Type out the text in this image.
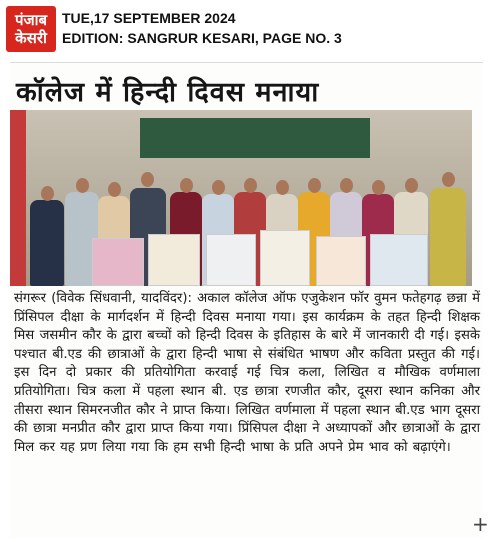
पंजाब
केसरी
TUE,17 SEPTEMBER 2024
EDITION: SANGRUR KESARI, PAGE NO. 3
कॉलेज में हिन्दी दिवस मनाया
संगरूर (विवेक सिंधवानी, यादविंदर): अकाल कॉलेज ऑफ एजुकेशन फॉर वुमन फतेहगढ़ छन्ना में प्रिंसिपल दीक्षा के मार्गदर्शन में हिन्दी दिवस मनाया गया। इस कार्यक्रम के तहत हिन्दी शिक्षक मिस जसमीन कौर के द्वारा बच्चों को हिन्दी दिवस के इतिहास के बारे में जानकारी दी गई। इसके पश्चात बी.एड की छात्राओं के द्वारा हिन्दी भाषा से संबंधित भाषण और कविता प्रस्तुत की गई। इस दिन दो प्रकार की प्रतियोगिता करवाई गई चित्र कला, लिखित व मौखिक वर्णमाला प्रतियोगिता। चित्र कला में पहला स्थान बी. एड छात्रा रणजीत कौर, दूसरा स्थान कनिका और तीसरा स्थान सिमरनजीत कौर ने प्राप्त किया। लिखित वर्णमाला में पहला स्थान बी.एड भाग दूसरा की छात्रा मनप्रीत कौर द्वारा प्राप्त किया गया। प्रिंसिपल दीक्षा ने अध्यापकों और छात्राओं के द्वारा मिल कर यह प्रण लिया गया कि हम सभी हिन्दी भाषा के प्रति अपने प्रेम भाव को बढ़ाएंगे।
+
